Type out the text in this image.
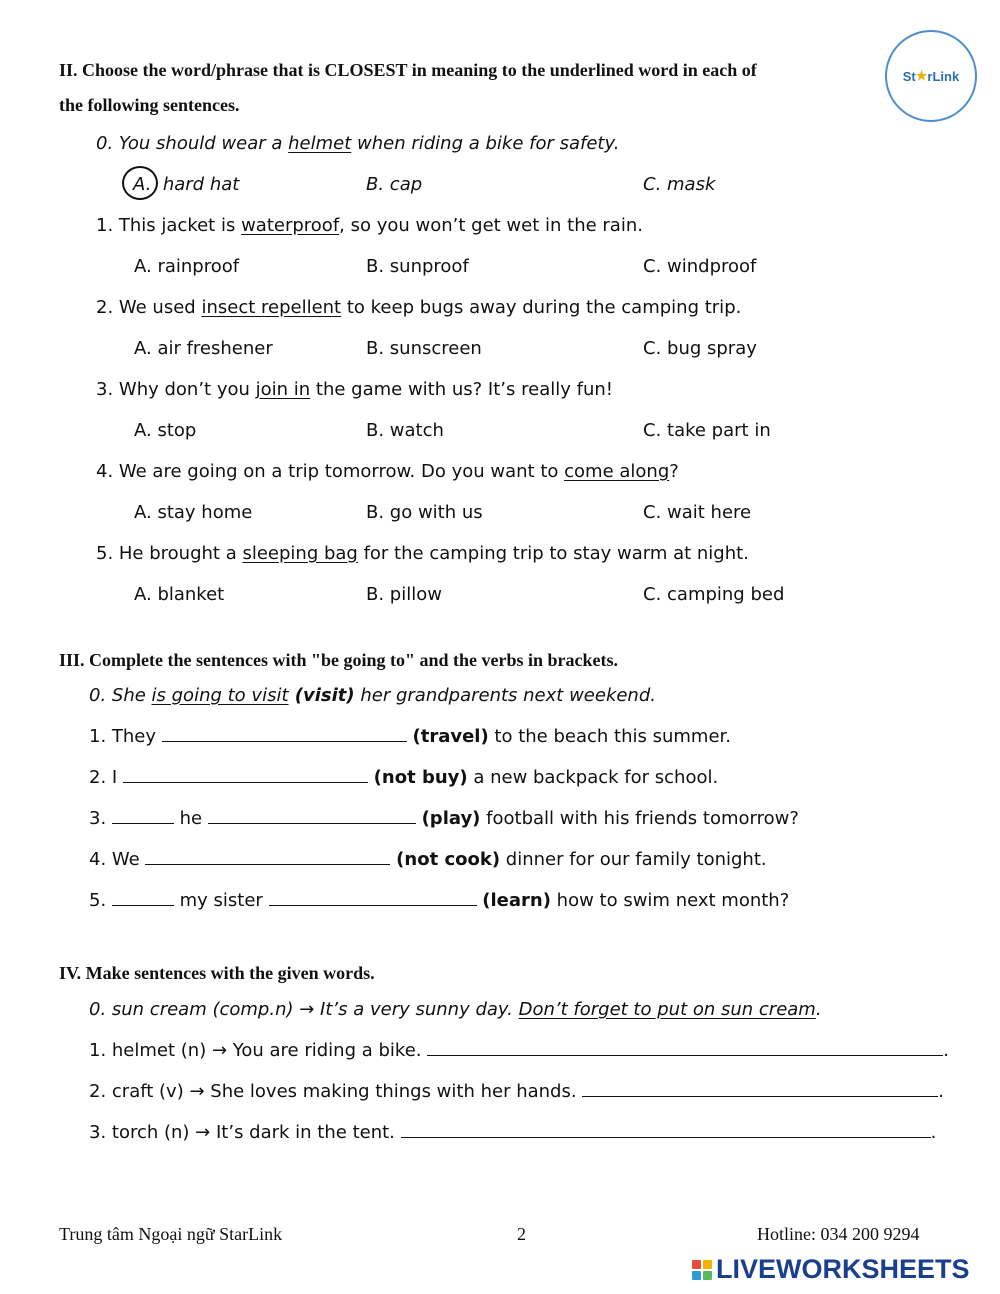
St ★ rLink
II. Choose the word/phrase that is CLOSEST in meaning to the underlined word in each of
the following sentences.
0. You should wear a helmet when riding a bike for safety.
A. hard hat	B. cap	C. mask
1. This jacket is waterproof, so you won’t get wet in the rain.
A. rainproof	B. sunproof	C. windproof
2. We used insect repellent to keep bugs away during the camping trip.
A. air freshener	B. sunscreen	C. bug spray
3. Why don’t you join in the game with us? It’s really fun!
A. stop	B. watch	C. take part in
4. We are going on a trip tomorrow. Do you want to come along?
A. stay home	B. go with us	C. wait here
5. He brought a sleeping bag for the camping trip to stay warm at night.
A. blanket	B. pillow	C. camping bed
III. Complete the sentences with "be going to" and the verbs in brackets.
0. She is going to visit (visit) her grandparents next weekend.
1. They	(travel) to the beach this summer.
2. I	(not buy) a new backpack for school.
3.	he	(play) football with his friends tomorrow?
4. We	(not cook) dinner for our family tonight.
5.	my sister	(learn) how to swim next month?
IV. Make sentences with the given words.
0. sun cream (comp.n) → It’s a very sunny day. Don’t forget to put on sun cream.
1. helmet (n) → You are riding a bike.	.
2. craft (v) → She loves making things with her hands.	.
3. torch (n) → It’s dark in the tent.	.
Trung tâm Ngoại ngữ StarLink	2	Hotline: 034 200 9294
LIVEWORKSHEETS
